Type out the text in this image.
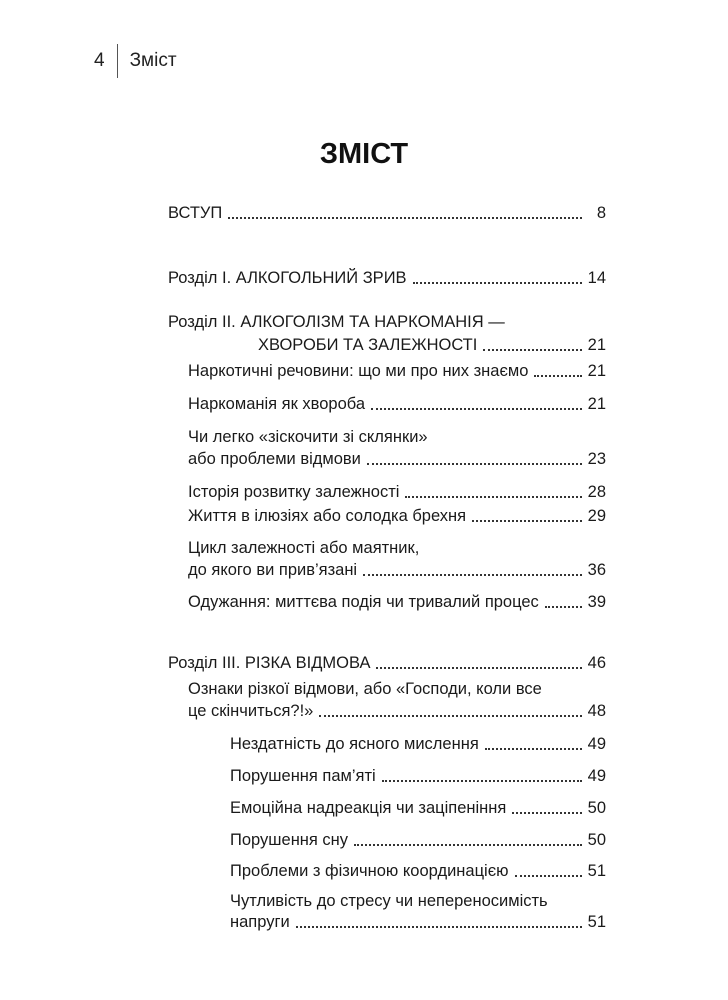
4 Зміст
ЗМІСТ
ВСТУП	8
Розділ I. АЛКОГОЛЬНИЙ ЗРИВ	14
Розділ II. АЛКОГОЛІЗМ ТА НАРКОМАНІЯ —
ХВОРОБИ ТА ЗАЛЕЖНОСТІ	21
Наркотичні речовини: що ми про них знаємо	21
Наркоманія як хвороба	21
Чи легко «зіскочити зі склянки»
або проблеми відмови	23
Історія розвитку залежності	28
Життя в ілюзіях або солодка брехня	29
Цикл залежності або маятник,
до якого ви прив’язані	36
Одужання: миттєва подія чи тривалий процес	39
Розділ III. РІЗКА ВІДМОВА	46
Ознаки різкої відмови, або «Господи, коли все
це скінчиться?!»	48
Нездатність до ясного мислення	49
Порушення пам’яті	49
Емоційна надреакція чи заціпеніння	50
Порушення сну	50
Проблеми з фізичною координацією	51
Чутливість до стресу чи непереносимість
напруги	51
